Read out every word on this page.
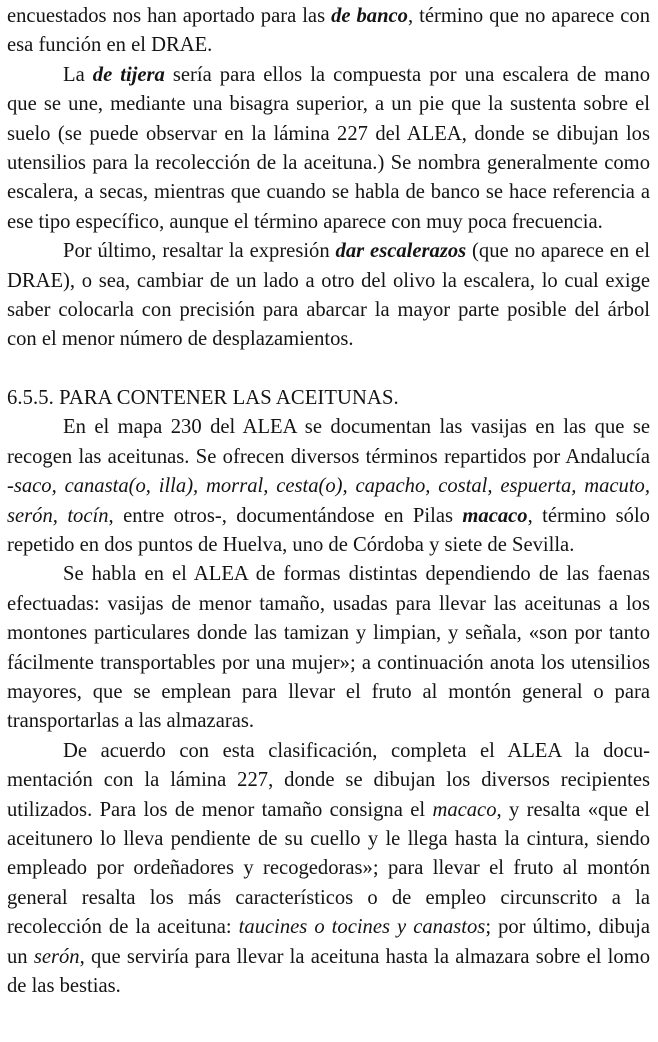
encuestados nos han aportado para las de banco, término que no aparece con esa función en el DRAE.

La de tijera sería para ellos la compuesta por una escalera de mano que se une, mediante una bisagra superior, a un pie que la sustenta sobre el suelo (se puede observar en la lámina 227 del ALEA, donde se dibujan los utensilios para la recolección de la aceituna.) Se nombra generalmente como escalera, a secas, mientras que cuando se habla de banco se hace referencia a ese tipo específico, aunque el término aparece con muy poca frecuencia.

Por último, resaltar la expresión dar escalerazos (que no aparece en el DRAE), o sea, cambiar de un lado a otro del olivo la escalera, lo cual exige saber colocarla con precisión para abarcar la mayor parte posible del árbol con el menor número de desplazamientos.

6.5.5. PARA CONTENER LAS ACEITUNAS.

En el mapa 230 del ALEA se documentan las vasijas en las que se recogen las aceitunas. Se ofrecen diversos términos repartidos por Andalucía -saco, canasta(o, illa), morral, cesta(o), capacho, costal, espuerta, macuto, serón, tocín, entre otros-, documentándose en Pilas macaco, término sólo repetido en dos puntos de Huelva, uno de Córdoba y siete de Sevilla.

Se habla en el ALEA de formas distintas dependiendo de las faenas efectuadas: vasijas de menor tamaño, usadas para llevar las aceitunas a los montones particulares donde las tamizan y limpian, y señala, «son por tanto fácilmente transportables por una mujer»; a continuación anota los utensilios mayores, que se emplean para llevar el fruto al montón general o para transportarlas a las almazaras.

De acuerdo con esta clasificación, completa el ALEA la documentación con la lámina 227, donde se dibujan los diversos recipientes utilizados. Para los de menor tamaño consigna el macaco, y resalta «que el aceitunero lo lleva pendiente de su cuello y le llega hasta la cintura, siendo empleado por ordeñadores y recogedoras»; para llevar el fruto al montón general resalta los más característicos o de empleo circunscrito a la recolección de la aceituna: taucines o tocines y canastos; por último, dibuja un serón, que serviría para llevar la aceituna hasta la almazara sobre el lomo de las bestias.
